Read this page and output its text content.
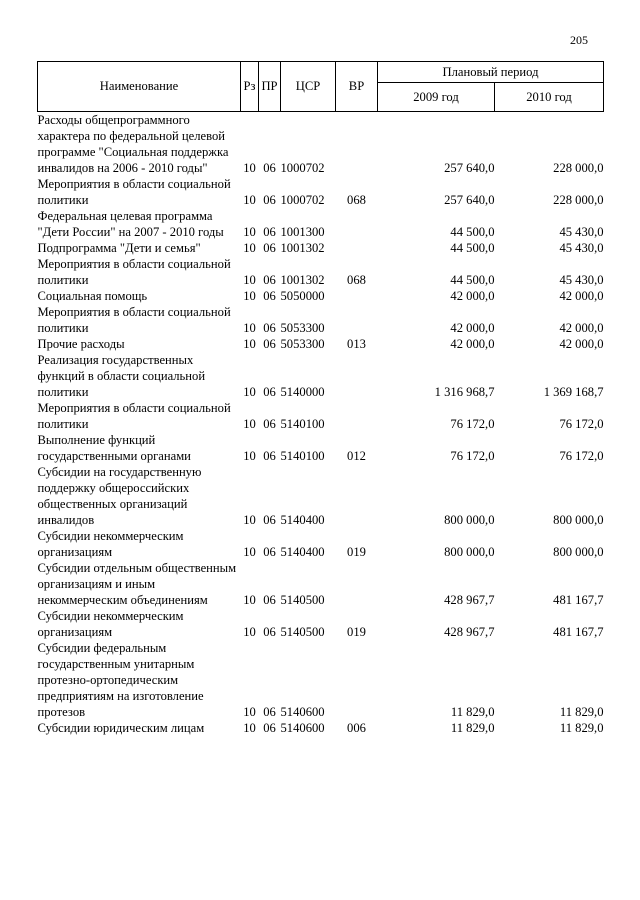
205
Наименование	Рз	ПР	ЦСР	ВР	Плановый период	
					2009 год	2010 год
Расходы общепрограммного характера по федеральной целевой программе "Социальная поддержка инвалидов на 2006 - 2010 годы"	10	06	1000702		257 640,0	228 000,0
Мероприятия в области социальной политики	10	06	1000702	068	257 640,0	228 000,0
Федеральная целевая программа "Дети России" на 2007 - 2010 годы	10	06	1001300		44 500,0	45 430,0
Подпрограмма "Дети и семья"	10	06	1001302		44 500,0	45 430,0
Мероприятия в области социальной политики	10	06	1001302	068	44 500,0	45 430,0
Социальная помощь	10	06	5050000		42 000,0	42 000,0
Мероприятия в области социальной политики	10	06	5053300		42 000,0	42 000,0
Прочие расходы	10	06	5053300	013	42 000,0	42 000,0
Реализация государственных функций в области социальной политики	10	06	5140000		1 316 968,7	1 369 168,7
Мероприятия в области социальной политики	10	06	5140100		76 172,0	76 172,0
Выполнение функций государственными органами	10	06	5140100	012	76 172,0	76 172,0
Субсидии на государственную поддержку общероссийских общественных организаций инвалидов	10	06	5140400		800 000,0	800 000,0
Субсидии некоммерческим организациям	10	06	5140400	019	800 000,0	800 000,0
Субсидии отдельным общественным организациям и иным некоммерческим объединениям	10	06	5140500		428 967,7	481 167,7
Субсидии некоммерческим организациям	10	06	5140500	019	428 967,7	481 167,7
Субсидии федеральным государственным унитарным протезно-ортопедическим предприятиям на изготовление протезов	10	06	5140600		11 829,0	11 829,0
Субсидии юридическим лицам	10	06	5140600	006	11 829,0	11 829,0
